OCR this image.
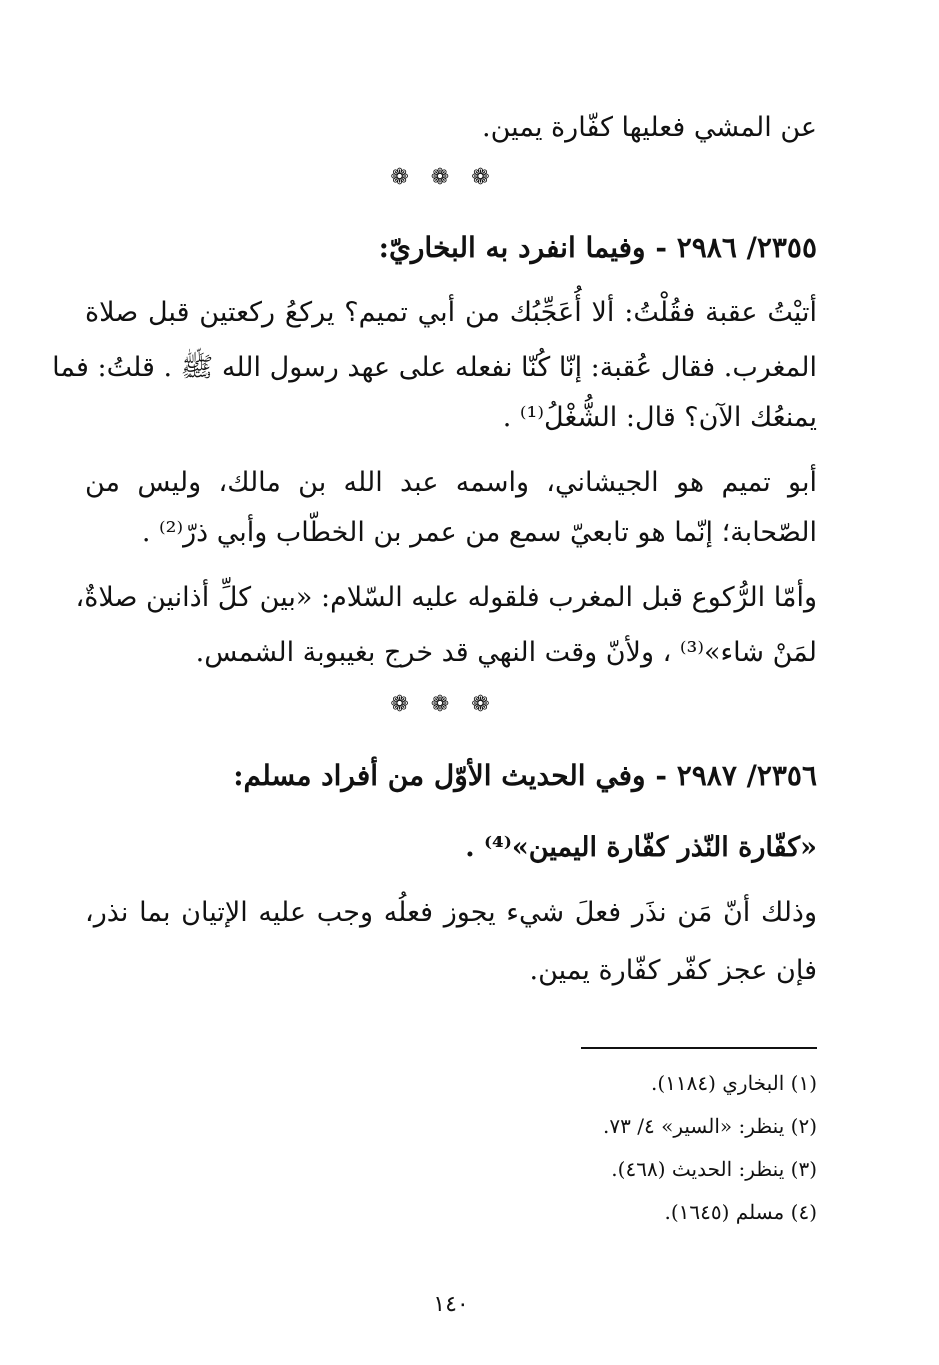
عن المشي فعليها كفّارة يمين.
❁❁❁
٢٣٥٥/ ٢٩٨٦ - وفيما انفرد به البخاريّ:
أتيْتُ عقبة فقُلْتُ: ألا أُعَجِّبُك من أبي تميم؟ يركعُ ركعتين قبل صلاة
المغرب. فقال عُقبة: إنّا كُنّا نفعله على عهد رسول الله ﷺ . قلتُ: فما
يمنعُك الآن؟ قال: الشُّغْلُ⁽¹⁾ .
أبو تميم هو الجيشاني، واسمه عبد الله بن مالك، وليس من
الصّحابة؛ إنّما هو تابعيّ سمع من عمر بن الخطّاب وأبي ذرّ⁽²⁾ .
وأمّا الرُّكوع قبل المغرب فلقوله عليه السّلام: «بين كلِّ أذانين صلاةٌ،
لمَنْ شاء»⁽³⁾ ، ولأنّ وقت النهي قد خرج بغيبوبة الشمس.
❁❁❁
٢٣٥٦/ ٢٩٨٧ - وفي الحديث الأوّل من أفراد مسلم:
«كفّارة النّذر كفّارة اليمين»⁽⁴⁾ .
وذلك أنّ مَن نذَر فعلَ شيء يجوز فعلُه وجب عليه الإتيان بما نذر،
فإن عجز كفّر كفّارة يمين.
(١) البخاري (١١٨٤).
(٢) ينظر: «السير» ٤/ ٧٣.
(٣) ينظر: الحديث (٤٦٨).
(٤) مسلم (١٦٤٥).
١٤٠
